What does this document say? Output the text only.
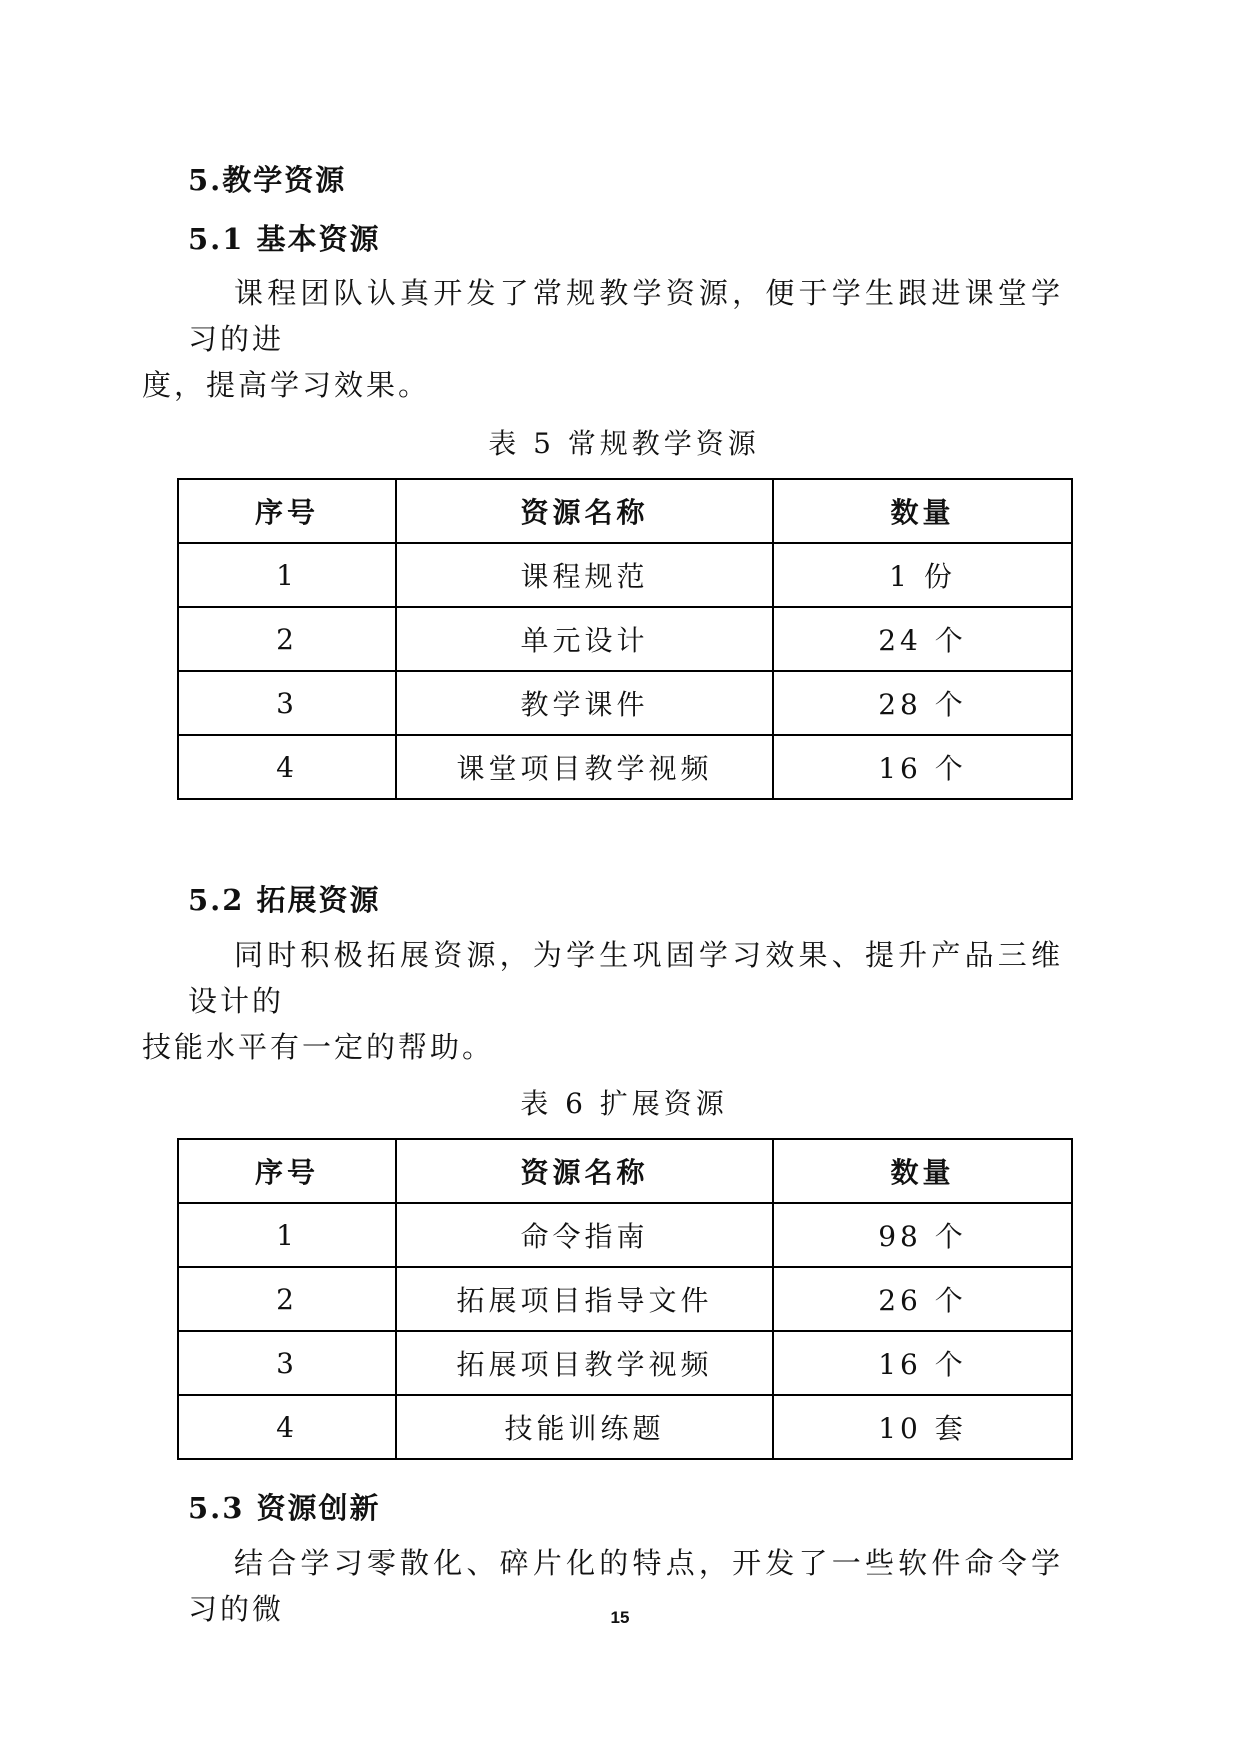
5.教学资源
5.1 基本资源
课程团队认真开发了常规教学资源，便于学生跟进课堂学习的进
度，提高学习效果。
表 5 常规教学资源
序号	资源名称	数量
1	课程规范	1 份
2	单元设计	24 个
3	教学课件	28 个
4	课堂项目教学视频	16 个
5.2 拓展资源
同时积极拓展资源，为学生巩固学习效果、提升产品三维设计的
技能水平有一定的帮助。
表 6 扩展资源
序号	资源名称	数量
1	命令指南	98 个
2	拓展项目指导文件	26 个
3	拓展项目教学视频	16 个
4	技能训练题	10 套
5.3 资源创新
结合学习零散化、碎片化的特点，开发了一些软件命令学习的微	15
